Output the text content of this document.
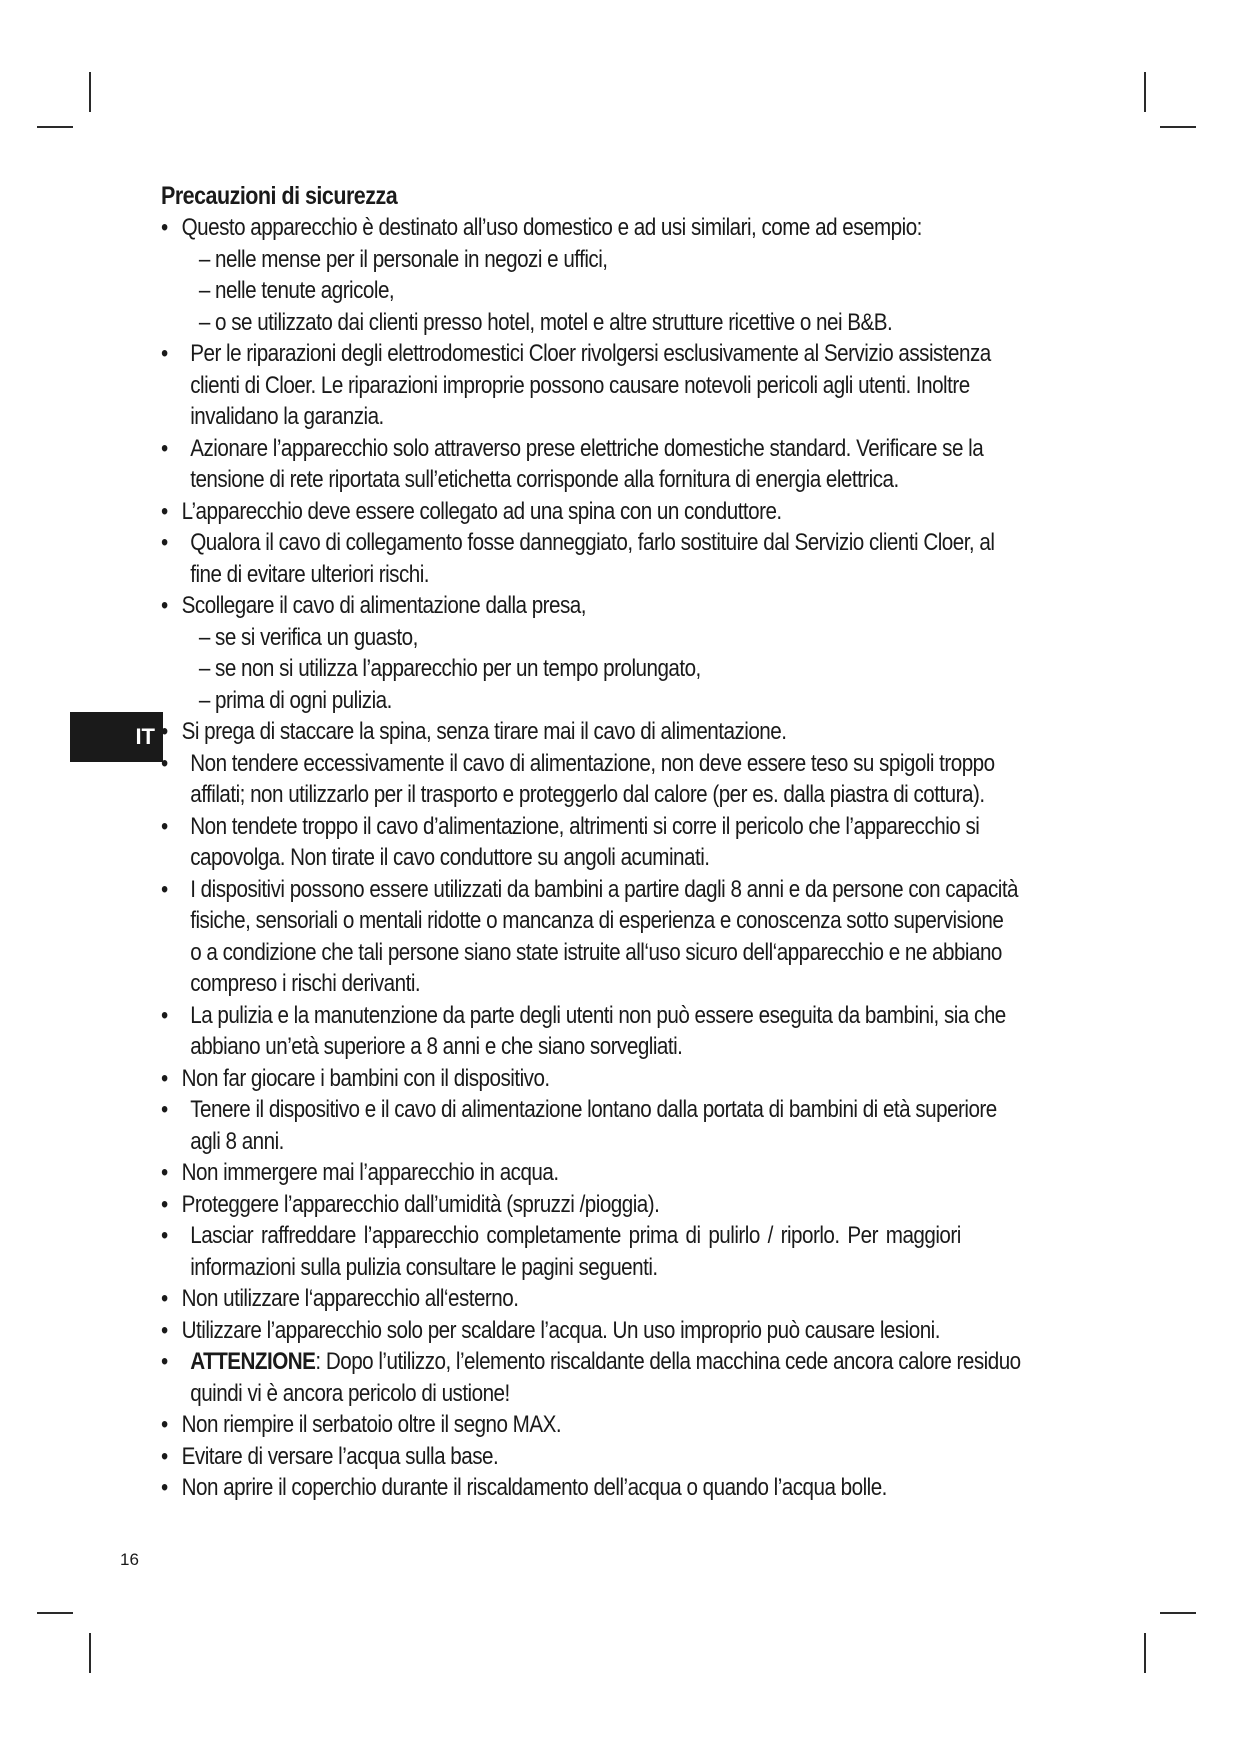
IT
Precauzioni di sicurezza
• Questo apparecchio è destinato all’uso domestico e ad usi similari, come ad esempio:
– nelle mense per il personale in negozi e uffici,
– nelle tenute agricole,
– o se utilizzato dai clienti presso hotel, motel e altre strutture ricettive o nei B&B.
• Per le riparazioni degli elettrodomestici Cloer rivolgersi esclusivamente al Servizio assistenza
clienti di Cloer. Le riparazioni improprie possono causare notevoli pericoli agli utenti. Inoltre
invalidano la garanzia.
• Azionare l’apparecchio solo attraverso prese elettriche domestiche standard. Verificare se la
tensione di rete riportata sull’etichetta corrisponde alla fornitura di energia elettrica.
• L’apparecchio deve essere collegato ad una spina con un conduttore.
• Qualora il cavo di collegamento fosse danneggiato, farlo sostituire dal Servizio clienti Cloer, al
fine di evitare ulteriori rischi.
• Scollegare il cavo di alimentazione dalla presa,
– se si verifica un guasto,
– se non si utilizza l’apparecchio per un tempo prolungato,
– prima di ogni pulizia.
• Si prega di staccare la spina, senza tirare mai il cavo di alimentazione.
• Non tendere eccessivamente il cavo di alimentazione, non deve essere teso su spigoli troppo
affilati; non utilizzarlo per il trasporto e proteggerlo dal calore (per es. dalla piastra di cottura).
• Non tendete troppo il cavo d’alimentazione, altrimenti si corre il pericolo che l’apparecchio si
capovolga. Non tirate il cavo conduttore su angoli acuminati.
• I dispositivi possono essere utilizzati da bambini a partire dagli 8 anni e da persone con capacità
fisiche, sensoriali o mentali ridotte o mancanza di esperienza e conoscenza sotto supervisione
o a condizione che tali persone siano state istruite all‘uso sicuro dell‘apparecchio e ne abbiano
compreso i rischi derivanti.
• La pulizia e la manutenzione da parte degli utenti non può essere eseguita da bambini, sia che
abbiano un’età superiore a 8 anni e che siano sorvegliati.
• Non far giocare i bambini con il dispositivo.
• Tenere il dispositivo e il cavo di alimentazione lontano dalla portata di bambini di età superiore
agli 8 anni.
• Non immergere mai l’apparecchio in acqua.
• Proteggere l’apparecchio dall’umidità (spruzzi /pioggia).
• Lasciar raffreddare l’apparecchio completamente prima di pulirlo / riporlo. Per maggiori
informazioni sulla pulizia consultare le pagini seguenti.
• Non utilizzare l‘apparecchio all‘esterno.
• Utilizzare l’apparecchio solo per scaldare l’acqua. Un uso improprio può causare lesioni.
• ATTENZIONE: Dopo l’utilizzo, l’elemento riscaldante della macchina cede ancora calore residuo
quindi vi è ancora pericolo di ustione!
• Non riempire il serbatoio oltre il segno MAX.
• Evitare di versare l’acqua sulla base.
• Non aprire il coperchio durante il riscaldamento dell’acqua o quando l’acqua bolle.
16
